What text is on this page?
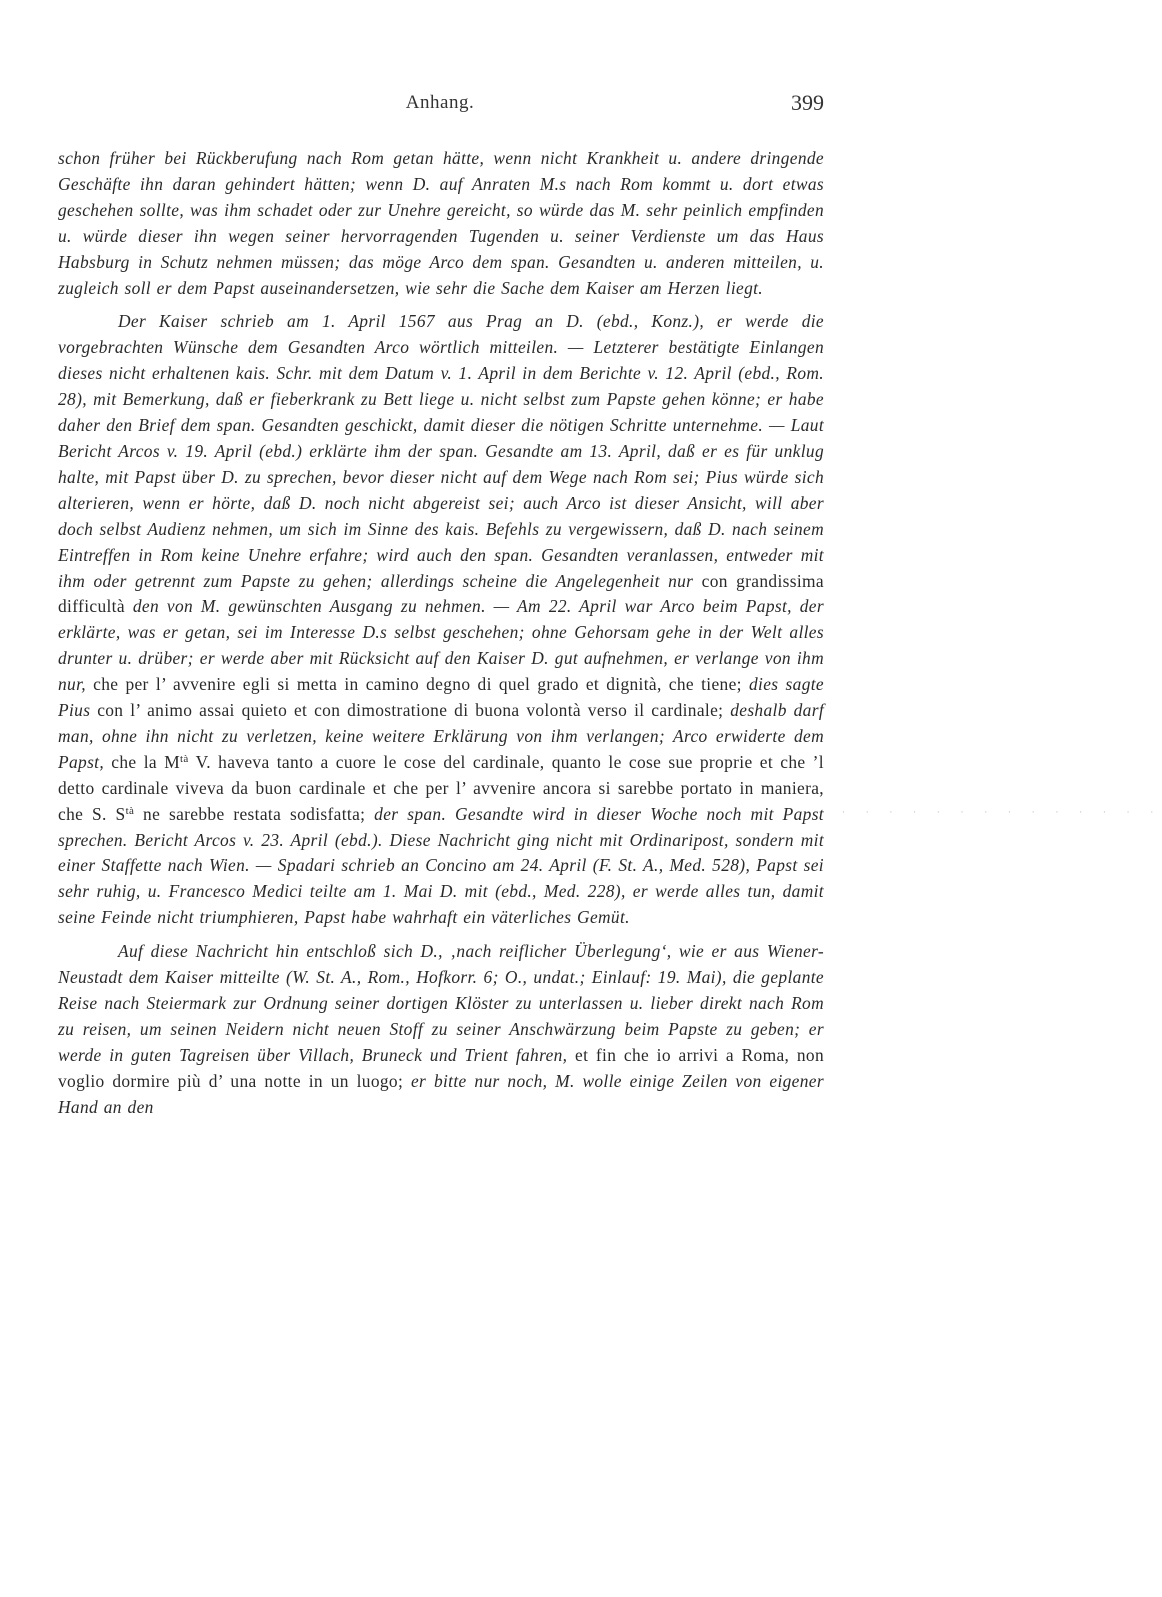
Anhang.	399

schon früher bei Rückberufung nach Rom getan hätte, wenn nicht Krankheit u. andere dringende Geschäfte ihn daran gehindert hätten; wenn D. auf Anraten M.s nach Rom kommt u. dort etwas geschehen sollte, was ihm schadet oder zur Unehre gereicht, so würde das M. sehr peinlich empfinden u. würde dieser ihn wegen seiner hervorragenden Tugenden u. seiner Verdienste um das Haus Habsburg in Schutz nehmen müssen; das möge Arco dem span. Gesandten u. anderen mitteilen, u. zugleich soll er dem Papst auseinandersetzen, wie sehr die Sache dem Kaiser am Herzen liegt.

Der Kaiser schrieb am 1. April 1567 aus Prag an D. (ebd., Konz.), er werde die vorgebrachten Wünsche dem Gesandten Arco wörtlich mitteilen. — Letzterer bestätigte Einlangen dieses nicht erhaltenen kais. Schr. mit dem Datum v. 1. April in dem Berichte v. 12. April (ebd., Rom. 28), mit Bemerkung, daß er fieberkrank zu Bett liege u. nicht selbst zum Papste gehen könne; er habe daher den Brief dem span. Gesandten geschickt, damit dieser die nötigen Schritte unternehme. — Laut Bericht Arcos v. 19. April (ebd.) erklärte ihm der span. Gesandte am 13. April, daß er es für unklug halte, mit Papst über D. zu sprechen, bevor dieser nicht auf dem Wege nach Rom sei; Pius würde sich alterieren, wenn er hörte, daß D. noch nicht abgereist sei; auch Arco ist dieser Ansicht, will aber doch selbst Audienz nehmen, um sich im Sinne des kais. Befehls zu vergewissern, daß D. nach seinem Eintreffen in Rom keine Unehre erfahre; wird auch den span. Gesandten veranlassen, entweder mit ihm oder getrennt zum Papste zu gehen; allerdings scheine die Angelegenheit nur con grandissima difficultà den von M. gewünschten Ausgang zu nehmen. — Am 22. April war Arco beim Papst, der erklärte, was er getan, sei im Interesse D.s selbst geschehen; ohne Gehorsam gehe in der Welt alles drunter u. drüber; er werde aber mit Rücksicht auf den Kaiser D. gut aufnehmen, er verlange von ihm nur, che per l’ avvenire egli si metta in camino degno di quel grado et dignità, che tiene; dies sagte Pius con l’ animo assai quieto et con dimostratione di buona volontà verso il cardinale; deshalb darf man, ohne ihn nicht zu verletzen, keine weitere Erklärung von ihm verlangen; Arco erwiderte dem Papst, che la $M^{tà}$ V. haveva tanto a cuore le cose del cardinale, quanto le cose sue proprie et che ’l detto cardinale viveva da buon cardinale et che per l’ avvenire ancora si sarebbe portato in maniera, che S. $S^{tà}$ ne sarebbe restata sodisfatta; der span. Gesandte wird in dieser Woche noch mit Papst sprechen. Bericht Arcos v. 23. April (ebd.). Diese Nachricht ging nicht mit Ordinaripost, sondern mit einer Staffette nach Wien. — Spadari schrieb an Concino am 24. April (F. St. A., Med. 528), Papst sei sehr ruhig, u. Francesco Medici teilte am 1. Mai D. mit (ebd., Med. 228), er werde alles tun, damit seine Feinde nicht triumphieren, Papst habe wahrhaft ein väterliches Gemüt.

Auf diese Nachricht hin entschloß sich D., ‚nach reiflicher Überlegung‘, wie er aus Wiener-Neustadt dem Kaiser mitteilte (W. St. A., Rom., Hofkorr. 6; O., undat.; Einlauf: 19. Mai), die geplante Reise nach Steiermark zur Ordnung seiner dortigen Klöster zu unterlassen u. lieber direkt nach Rom zu reisen, um seinen Neidern nicht neuen Stoff zu seiner Anschwärzung beim Papste zu geben; er werde in guten Tagreisen über Villach, Bruneck und Trient fahren, et fin che io arrivi a Roma, non voglio dormire più d’ una notte in un luogo; er bitte nur noch, M. wolle einige Zeilen von eigener Hand an den

· · · · · · · · · · · · · ·
